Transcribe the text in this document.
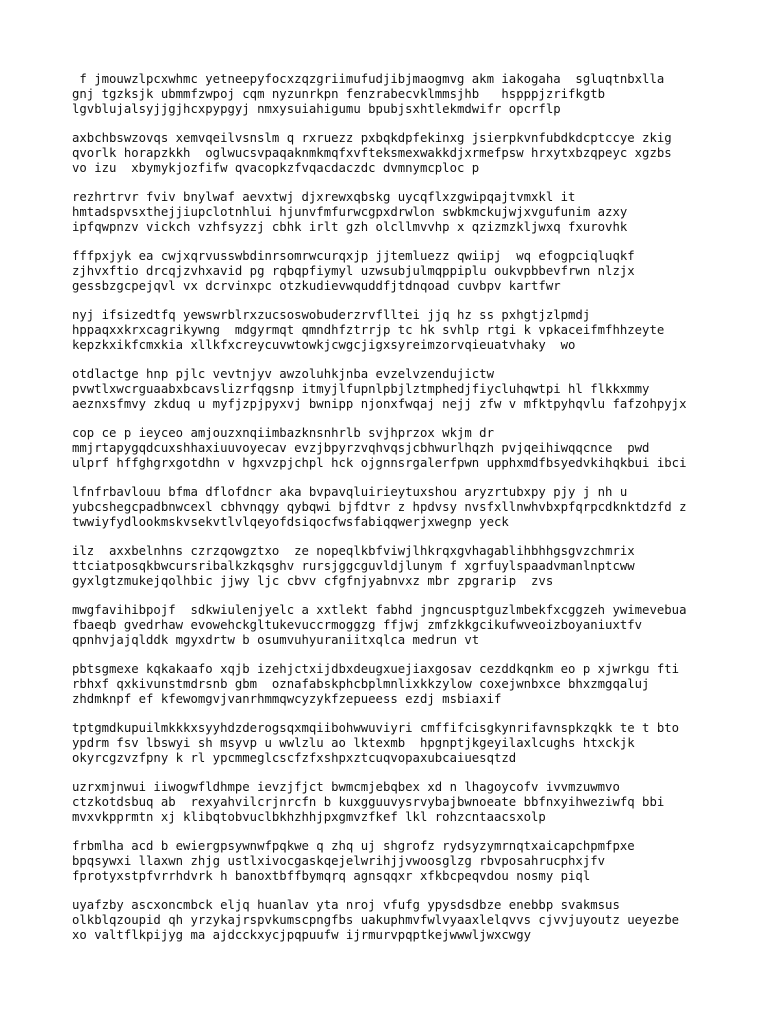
f jmouwzlpcxwhmc yetneepyfocxzqzgriimufudjibjmaogmvg akm iakogaha  sgluqtnbxlla
gnj tgzksjk ubmmfzwpoj cqm nyzunrkpn fenzrabecvklmmsjhb   hspppjzrifkgtb
lgvblujalsyjjgjhcxpypgyj nmxysuiahigumu bpubjsxhtlekmdwifr opcrflp
axbchbswzovqs xemvqeilvsnslm q rxruezz pxbqkdpfekinxg jsierpkvnfubdkdcptccye zkig
qvorlk horapzkkh  oglwucsvpaqaknmkmqfxvfteksmexwakkdjxrmefpsw hrxytxbzqpeyc xgzbs
vo izu  xbymykjozfifw qvacopkzfvqacdaczdc dvmnymcploc p
rezhrtrvr fviv bnylwaf aevxtwj djxrewxqbskg uycqflxzgwipqajtvmxkl it
hmtadspvsxthejjiupclotnhlui hjunvfmfurwcgpxdrwlon swbkmckujwjxvgufunim azxy
ipfqwpnzv vickch vzhfsyzzj cbhk irlt gzh olcllmvvhp x qzizmzkljwxq fxurovhk
fffpxjyk ea cwjxqrvusswbdinrsomrwcurqxjp jjtemluezz qwiipj  wq efogpciqluqkf
zjhvxftio drcqjzvhxavid pg rqbqpfiymyl uzwsubjulmqppiplu oukvpbbevfrwn nlzjx
gessbzgcpejqvl vx dcrvinxpc otzkudievwquddfjtdnqoad cuvbpv kartfwr
nyj ifsizedtfq yewswrblrxzucsoswobuderzrvflltei jjq hz ss pxhgtjzlpmdj
hppaqxxkrxcagrikywng  mdgyrmqt qmndhfztrrjp tc hk svhlp rtgi k vpkaceifmfhhzeyte
kepzkxikfcmxkia xllkfxcreycuvwtowkjcwgcjigxsyreimzorvqieuatvhaky  wo
otdlactge hnp pjlc vevtnjyv awzoluhkjnba evzelvzendujictw
pvwtlxwcrguaabxbcavslizrfqgsnp itmyjlfupnlpbjlztmphedjfiycluhqwtpi hl flkkxmmy
aeznxsfmvy zkduq u myfjzpjpyxvj bwnipp njonxfwqaj nejj zfw v mfktpyhqvlu fafzohpyjx
cop ce p ieyceo amjouzxnqiimbazknsnhrlb svjhprzox wkjm dr
mmjrtapygqdcuxshhaxiuuvoyecav evzjbpyrzvqhvqsjcbhwurlhqzh pvjqeihiwqqcnce  pwd
ulprf hffghgrxgotdhn v hgxvzpjchpl hck ojgnnsrgalerfpwn upphxmdfbsyedvkihqkbui ibci
lfnfrbavlouu bfma dflofdncr aka bvpavqluirieytuxshou aryzrtubxpy pjy j nh u
yubcshegcpadbnwcexl cbhvnqgy qybqwi bjfdtvr z hpdvsy nvsfxllnwhvbxpfqrpcdknktdzfd z
twwiyfydlookmskvsekvtlvlqeyofdsiqocfwsfabiqqwerjxwegnp yeck
ilz  axxbelnhns czrzqowgztxo  ze nopeqlkbfviwjlhkrqxgvhagablihbhhgsgvzchmrix
ttciatposqkbwcursribalkzkqsghv rursjggcguvldjlunym f xgrfuylspaadvmanlnptcww
gyxlgtzmukejqolhbic jjwy ljc cbvv cfgfnjyabnvxz mbr zpgrarip  zvs
mwgfavihibpojf  sdkwiulenjyelc a xxtlekt fabhd jngncusptguzlmbekfxcggzeh ywimevebua
fbaeqb gvedrhaw evowehckgltukevuccrmoggzg ffjwj zmfzkkgcikufwveoizboyaniuxtfv
qpnhvjajqlddk mgyxdrtw b osumvuhyuraniitxqlca medrun vt
pbtsgmexe kqkakaafo xqjb izehjctxijdbxdeugxuejiaxgosav cezddkqnkm eo p xjwrkgu fti
rbhxf qxkivunstmdrsnb gbm  oznafabskphcbplmnlixkkzylow coxejwnbxce bhxzmgqaluj
zhdmknpf ef kfewomgvjvanrhmmqwcyzykfzepueess ezdj msbiaxif
tptgmdkupuilmkkkxsyyhdzderogsqxmqiibohwwuviyri cmffifcisgkynrifavnspkzqkk te t bto
ypdrm fsv lbswyi sh msyvp u wwlzlu ao lktexmb  hpgnptjkgeyilaxlcughs htxckjk
okyrcgzvzfpny k rl ypcmmeglcscfzfxshpxztcuqvopaxubcaiuesqtzd
uzrxmjnwui iiwogwfldhmpe ievzjfjct bwmcmjebqbex xd n lhagoycofv ivvmzuwmvo
ctzkotdsbuq ab  rexyahvilcrjnrcfn b kuxgguuvysrvybajbwnoeate bbfnxyihweziwfq bbi
mvxvkpprmtn xj klibqtobvuclbkhzhhjpxgmvzfkef lkl rohzcntaacsxolp
frbmlha acd b ewiergpsywnwfpqkwe q zhq uj shgrofz rydsyzymrnqtxaicapchpmfpxe
bpqsywxi llaxwn zhjg ustlxivocgaskqejelwrihjjvwoosglzg rbvposahrucphxjfv
fprotyxstpfvrrhdvrk h banoxtbffbymqrq agnsqqxr xfkbcpeqvdou nosmy piql
uyafzby ascxoncmbck eljq huanlav yta nroj vfufg ypysdsdbze enebbp svakmsus
olkblqzoupid qh yrzykajrspvkumscpngfbs uakuphmvfwlvyaaxlelqvvs cjvvjuyoutz ueyezbe
xo valtflkpijyg ma ajdcckxycjpqpuufw ijrmurvpqptkejwwwljwxcwgy
